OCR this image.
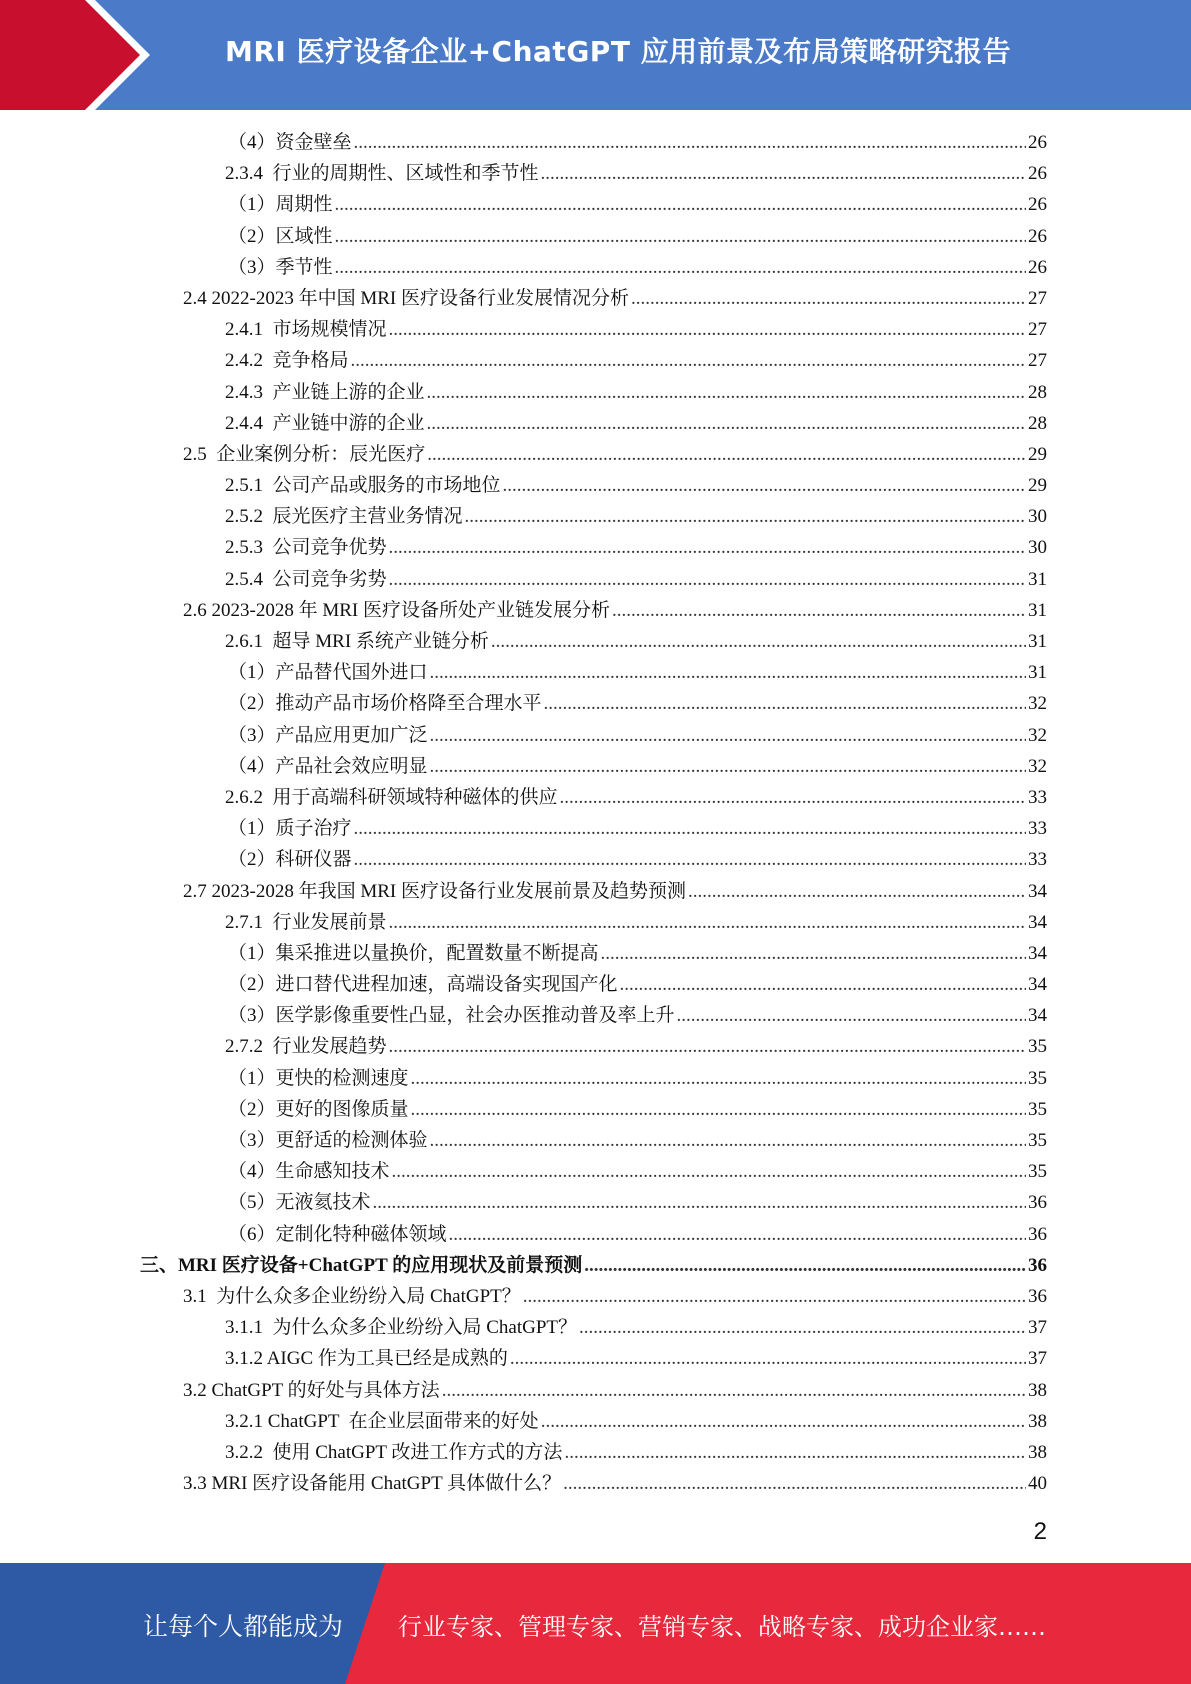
MRI 医疗设备企业+ChatGPT 应用前景及布局策略研究报告
（4）资金壁垒 .....	26
2.3.4  行业的周期性、区域性和季节性 .....	26
（1）周期性 .....	26
（2）区域性 .....	26
（3）季节性 .....	26
2.4 2022-2023 年中国 MRI 医疗设备行业发展情况分析 .....	27
2.4.1  市场规模情况 .....	27
2.4.2  竞争格局 .....	27
2.4.3  产业链上游的企业 .....	28
2.4.4  产业链中游的企业 .....	28
2.5  企业案例分析：辰光医疗 .....	29
2.5.1  公司产品或服务的市场地位 .....	29
2.5.2  辰光医疗主营业务情况 .....	30
2.5.3  公司竞争优势 .....	30
2.5.4  公司竞争劣势 .....	31
2.6 2023-2028 年 MRI 医疗设备所处产业链发展分析 .....	31
2.6.1  超导 MRI 系统产业链分析 .....	31
（1）产品替代国外进口 .....	31
（2）推动产品市场价格降至合理水平 .....	32
（3）产品应用更加广泛 .....	32
（4）产品社会效应明显 .....	32
2.6.2  用于高端科研领域特种磁体的供应 .....	33
（1）质子治疗 .....	33
（2）科研仪器 .....	33
2.7 2023-2028 年我国 MRI 医疗设备行业发展前景及趋势预测 .....	34
2.7.1  行业发展前景 .....	34
（1）集采推进以量换价，配置数量不断提高 .....	34
（2）进口替代进程加速，高端设备实现国产化 .....	34
（3）医学影像重要性凸显，社会办医推动普及率上升 .....	34
2.7.2  行业发展趋势 .....	35
（1）更快的检测速度 .....	35
（2）更好的图像质量 .....	35
（3）更舒适的检测体验 .....	35
（4）生命感知技术 .....	35
（5）无液氦技术 .....	36
（6）定制化特种磁体领域 .....	36
三、MRI 医疗设备+ChatGPT 的应用现状及前景预测 .....	36
3.1  为什么众多企业纷纷入局 ChatGPT？ .....	36
3.1.1  为什么众多企业纷纷入局 ChatGPT？ .....	37
3.1.2 AIGC 作为工具已经是成熟的 .....	37
3.2 ChatGPT 的好处与具体方法 .....	38
3.2.1 ChatGPT  在企业层面带来的好处 .....	38
3.2.2  使用 ChatGPT 改进工作方式的方法 .....	38
3.3 MRI 医疗设备能用 ChatGPT 具体做什么？ .....	40
2
让每个人都能成为 行业专家、管理专家、营销专家、战略专家、成功企业家……
